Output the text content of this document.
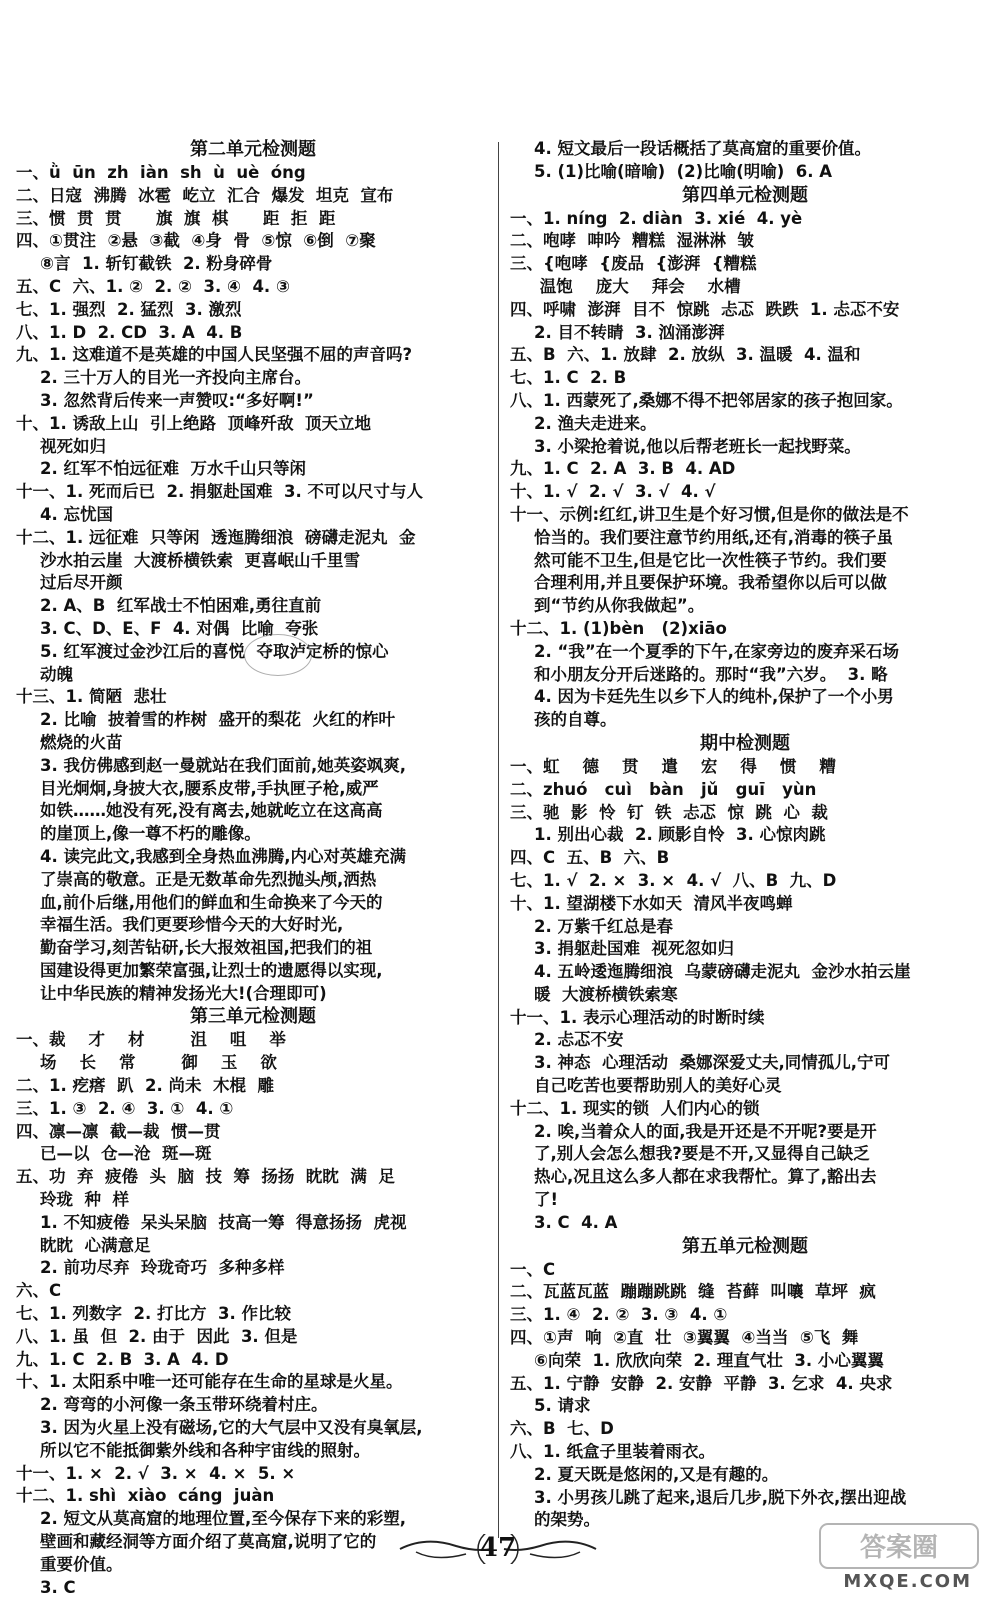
第二单元检测题
一、ǜ  ūn  zh  iàn  sh  ù  uè  óng
二、日寇  沸腾  冰雹  屹立  汇合  爆发  坦克  宣布
三、惯  贯  贯      旗  旗  棋      距  拒  距
四、①贯注  ②悬  ③截  ④身  骨  ⑤惊  ⑥倒  ⑦聚
⑧言  1. 斩钉截铁  2. 粉身碎骨
五、C  六、1. ②  2. ②  3. ④  4. ③
七、1. 强烈  2. 猛烈  3. 激烈
八、1. D  2. CD  3. A  4. B
九、1. 这难道不是英雄的中国人民坚强不屈的声音吗?
2. 三十万人的目光一齐投向主席台。
3. 忽然背后传来一声赞叹:“多好啊!”
十、1. 诱敌上山  引上绝路  顶峰歼敌  顶天立地
视死如归
2. 红军不怕远征难  万水千山只等闲
十一、1. 死而后已  2. 捐躯赴国难  3. 不可以尺寸与人
4. 忘忧国
十二、1. 远征难  只等闲  透迤腾细浪  磅礴走泥丸  金
沙水拍云崖  大渡桥横铁索  更喜岷山千里雪
过后尽开颜
2. A、B  红军战士不怕困难,勇往直前
3. C、D、E、F  4. 对偶  比喻  夸张
5. 红军渡过金沙江后的喜悦  夺取泸定桥的惊心
动魄
十三、1. 简陋  悲壮
2. 比喻  披着雪的柞树  盛开的梨花  火红的柞叶
燃烧的火苗
3. 我仿佛感到赵一曼就站在我们面前,她英姿飒爽,
目光炯炯,身披大衣,腰系皮带,手执匣子枪,威严
如铁……她没有死,没有离去,她就屹立在这高高
的崖顶上,像一尊不朽的雕像。
4. 读完此文,我感到全身热血沸腾,内心对英雄充满
了崇高的敬意。正是无数革命先烈抛头颅,洒热
血,前仆后继,用他们的鲜血和生命换来了今天的
幸福生活。我们更要珍惜今天的大好时光,
勤奋学习,刻苦钻研,长大报效祖国,把我们的祖
国建设得更加繁荣富强,让烈士的遗愿得以实现,
让中华民族的精神发扬光大!(合理即可)
第三单元检测题
一、裁    才    材        沮    咀    举
场    长    常        御    玉    欲
二、1. 疙瘩  趴  2. 尚未  木棍  雕
三、1. ③  2. ④  3. ①  4. ①
四、凛—凛  截—裁  惯—贯
已—以  仓—沧  斑—斑
五、功  弃  疲倦  头  脑  技  筹  扬扬  眈眈  满  足
玲珑  种  样
1. 不知疲倦  呆头呆脑  技高一筹  得意扬扬  虎视
眈眈  心满意足
2. 前功尽弃  玲珑奇巧  多种多样
六、C
七、1. 列数字  2. 打比方  3. 作比较
八、1. 虽  但  2. 由于  因此  3. 但是
九、1. C  2. B  3. A  4. D
十、1. 太阳系中唯一还可能存在生命的星球是火星。
2. 弯弯的小河像一条玉带环绕着村庄。
3. 因为火星上没有磁场,它的大气层中又没有臭氧层,
所以它不能抵御紫外线和各种宇宙线的照射。
十一、1. ×  2. √  3. ×  4. ×  5. ×
十二、1. shì  xiào  cáng  juàn
2. 短文从莫高窟的地理位置,至今保存下来的彩塑,
壁画和藏经洞等方面介绍了莫高窟,说明了它的
重要价值。
3. C
4. 短文最后一段话概括了莫高窟的重要价值。
5. (1)比喻(暗喻)  (2)比喻(明喻)  6. A
第四单元检测题
一、1. níng  2. diàn  3. xié  4. yè
二、咆哮  呻吟  糟糕  湿淋淋  皱
三、{咆哮  {废品  {澎湃  {糟糕
温饱    庞大    拜会    水槽
四、呼啸  澎湃  目不  惊跳  忐忑  跌跌  1. 忐忑不安
2. 目不转睛  3. 汹涌澎湃
五、B  六、1. 放肆  2. 放纵  3. 温暖  4. 温和
七、1. C  2. B
八、1. 西蒙死了,桑娜不得不把邻居家的孩子抱回家。
2. 渔夫走进来。
3. 小梁抢着说,他以后帮老班长一起找野菜。
九、1. C  2. A  3. B  4. AD
十、1. √  2. √  3. √  4. √
十一、示例:红红,讲卫生是个好习惯,但是你的做法是不
恰当的。我们要注意节约用纸,还有,消毒的筷子虽
然可能不卫生,但是它比一次性筷子节约。我们要
合理利用,并且要保护环境。我希望你以后可以做
到“节约从你我做起”。
十二、1. (1)bèn   (2)xiāo
2. “我”在一个夏季的下午,在家旁边的废弃采石场
和小朋友分开后迷路的。那时“我”六岁。  3. 略
4. 因为卡廷先生以乡下人的纯朴,保护了一个小男
孩的自尊。
期中检测题
一、虹    德    贯    遣    宏    得    惯    糟
二、zhuó   cuì   bàn   jǔ   guī   yùn
三、驰  影  怜  钉  铁  忐忑  惊  跳  心  裁
1. 别出心裁  2. 顾影自怜  3. 心惊肉跳
四、C  五、B  六、B
七、1. √  2. ×  3. ×  4. √  八、B  九、D
十、1. 望湖楼下水如天  清风半夜鸣蝉
2. 万紫千红总是春
3. 捐躯赴国难  视死忽如归
4. 五岭逶迤腾细浪  乌蒙磅礴走泥丸  金沙水拍云崖
暖  大渡桥横铁索寒
十一、1. 表示心理活动的时断时续
2. 忐忑不安
3. 神态  心理活动  桑娜深爱丈夫,同情孤儿,宁可
自己吃苦也要帮助别人的美好心灵
十二、1. 现实的锁  人们内心的锁
2. 唉,当着众人的面,我是开还是不开呢?要是开
了,别人会怎么想我?要是不开,又显得自己缺乏
热心,况且这么多人都在求我帮忙。算了,豁出去
了!
3. C  4. A
第五单元检测题
一、C
二、瓦蓝瓦蓝  蹦蹦跳跳  缝  苔藓  叫嚷  草坪  疯
三、1. ④  2. ②  3. ③  4. ①
四、①声  响  ②直  壮  ③翼翼  ④当当  ⑤飞  舞
⑥向荣  1. 欣欣向荣  2. 理直气壮  3. 小心翼翼
五、1. 宁静  安静  2. 安静  平静  3. 乞求  4. 央求
5. 请求
六、B  七、D
八、1. 纸盒子里装着雨衣。
2. 夏天既是悠闲的,又是有趣的。
3. 小男孩儿跳了起来,退后几步,脱下外衣,摆出迎战
的架势。
47	答案圈
MXQE.COM
